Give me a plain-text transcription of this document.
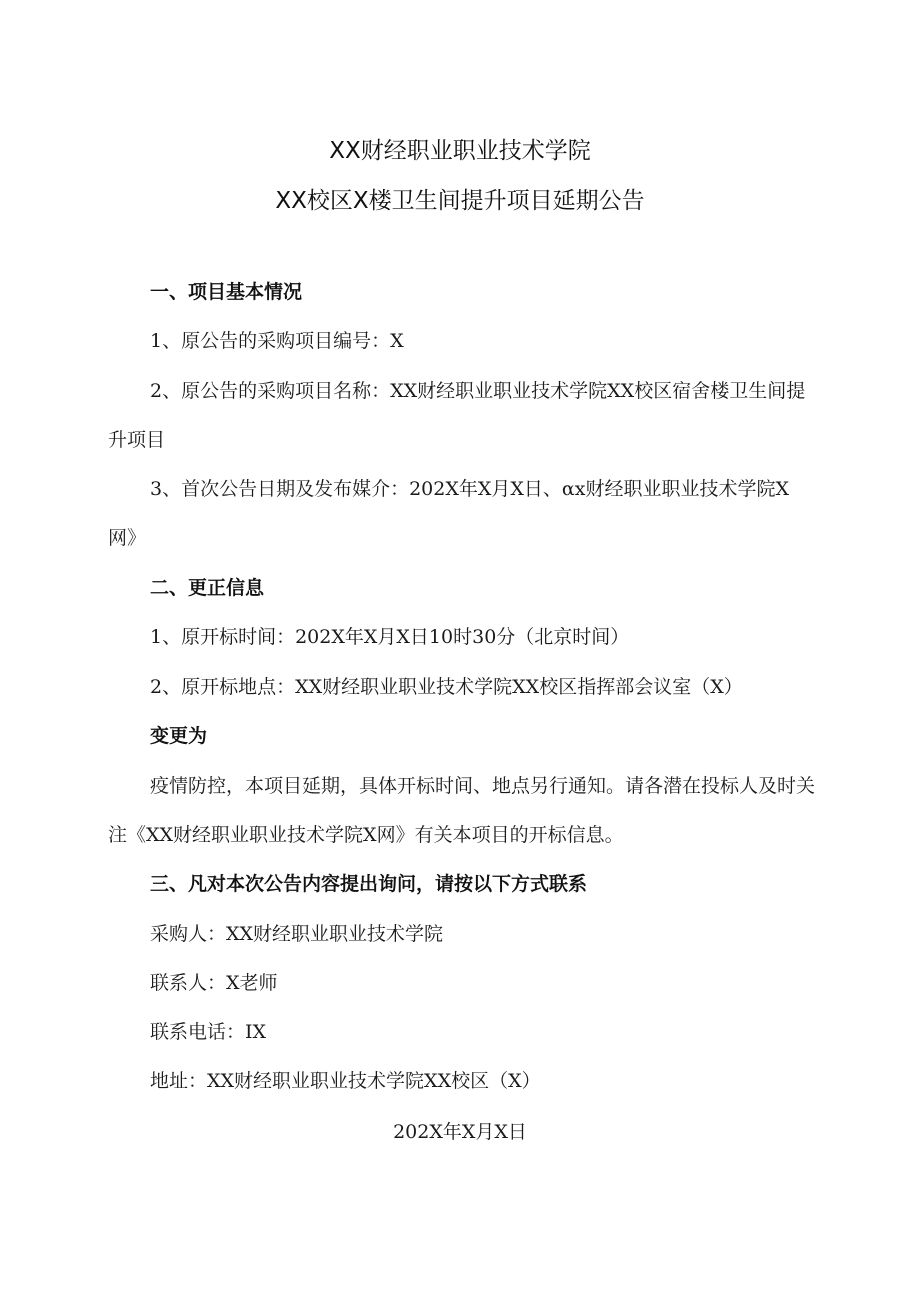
XX财经职业职业技术学院
XX校区X楼卫生间提升项目延期公告
一、项目基本情况
1、原公告的采购项目编号：X
2、原公告的采购项目名称：XX财经职业职业技术学院XX校区宿舍楼卫生间提升项目
3、首次公告日期及发布媒介：202X年X月X日、αx财经职业职业技术学院X网》
二、更正信息
1、原开标时间：202X年X月X日10时30分（北京时间）
2、原开标地点：XX财经职业职业技术学院XX校区指挥部会议室（X）
变更为
疫情防控，本项目延期，具体开标时间、地点另行通知。请各潜在投标人及时关注《XX财经职业职业技术学院X网》有关本项目的开标信息。
三、凡对本次公告内容提出询问，请按以下方式联系
采购人：XX财经职业职业技术学院
联系人：X老师
联系电话：IX
地址：XX财经职业职业技术学院XX校区（X）
202X年X月X日
